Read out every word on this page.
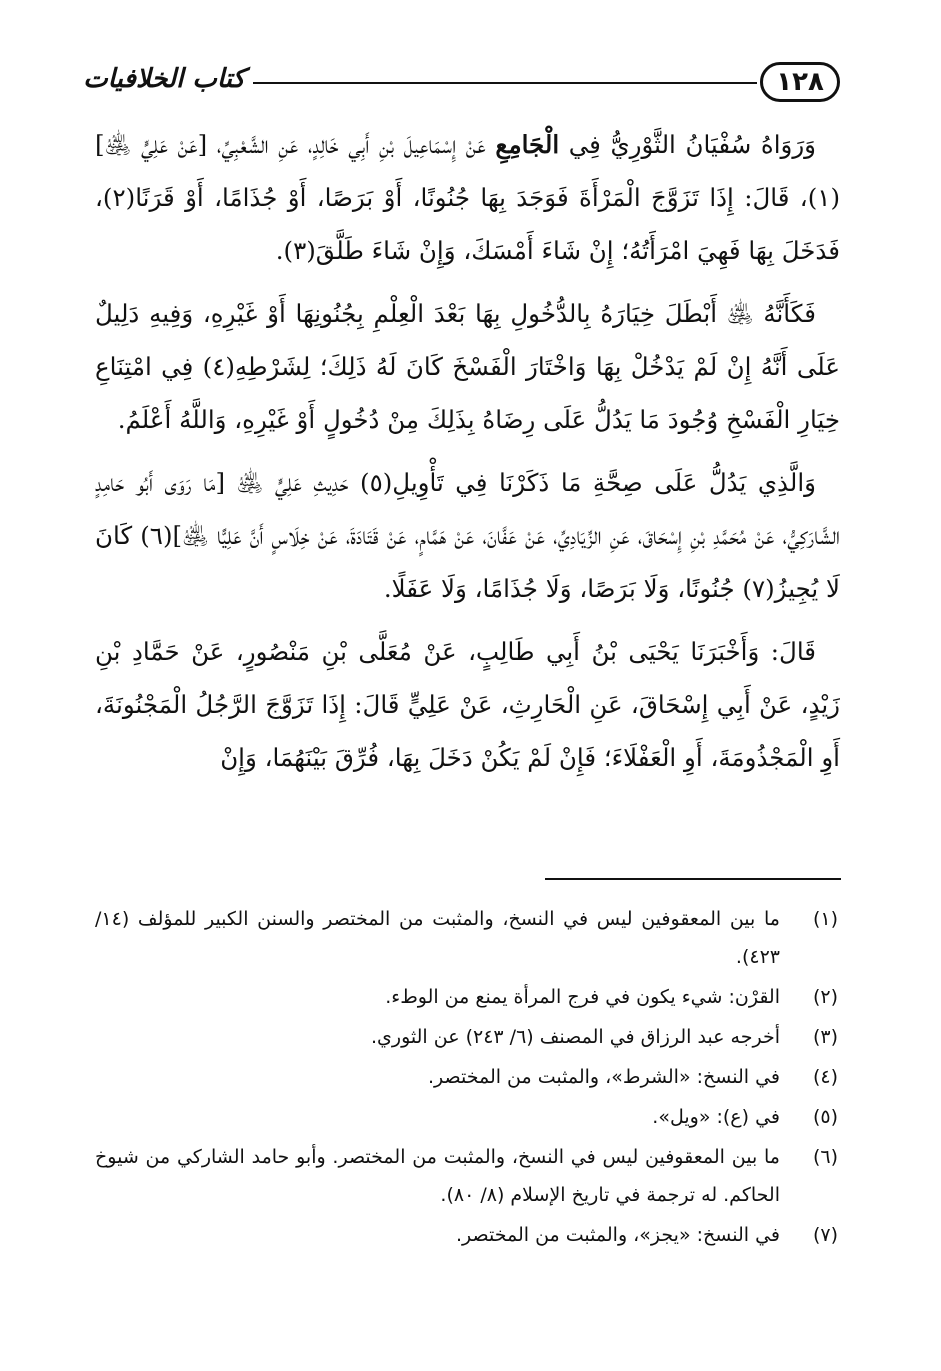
١٢٨
كتاب الخلافيات

وَرَوَاهُ سُفْيَانُ الثَّوْرِيُّ فِي الْجَامِعِ عَنْ إِسْمَاعِيلَ بْنِ أَبِي خَالِدٍ، عَنِ الشَّعْبِيِّ، [عَنْ عَلِيٍّ ﵁](١)، قَالَ: إِذَا تَزَوَّجَ الْمَرْأَةَ فَوَجَدَ بِهَا جُنُونًا، أَوْ بَرَصًا، أَوْ جُذَامًا، أَوْ قَرَنًا(٢)، فَدَخَلَ بِهَا فَهِيَ امْرَأَتُهُ؛ إِنْ شَاءَ أَمْسَكَ، وَإِنْ شَاءَ طَلَّقَ(٣).

فَكَأَنَّهُ ﵁ أَبْطَلَ خِيَارَهُ بِالدُّخُولِ بِهَا بَعْدَ الْعِلْمِ بِجُنُونِهَا أَوْ غَيْرِهِ، وَفِيهِ دَلِيلٌ عَلَى أَنَّهُ إِنْ لَمْ يَدْخُلْ بِهَا وَاخْتَارَ الْفَسْخَ كَانَ لَهُ ذَلِكَ؛ لِشَرْطِهِ(٤) فِي امْتِنَاعِ خِيَارِ الْفَسْخِ وُجُودَ مَا يَدُلُّ عَلَى رِضَاهُ بِذَلِكَ مِنْ دُخُولٍ أَوْ غَيْرِهِ، وَاللَّهُ أَعْلَمُ.

وَالَّذِي يَدُلُّ عَلَى صِحَّةِ مَا ذَكَرْنَا فِي تَأْوِيلِ(٥) حَدِيثِ عَلِيٍّ ﵁ [مَا رَوَى أَبُو حَامِدٍ الشَّارَكِيُّ، عَنْ مُحَمَّدِ بْنِ إِسْحَاقَ، عَنِ الزِّيَادِيِّ، عَنْ عَفَّانَ، عَنْ هَمَّامٍ، عَنْ قَتَادَةَ، عَنْ خِلَاسٍ أَنَّ عَلِيًّا ﵁](٦) كَانَ لَا يُجِيزُ(٧) جُنُونًا، وَلَا بَرَصًا، وَلَا جُذَامًا، وَلَا عَفَلًا.

قَالَ: وَأَخْبَرَنَا يَحْيَى بْنُ أَبِي طَالِبٍ، عَنْ مُعَلَّى بْنِ مَنْصُورٍ، عَنْ حَمَّادِ بْنِ زَيْدٍ، عَنْ أَبِي إِسْحَاقَ، عَنِ الْحَارِثِ، عَنْ عَلِيٍّ قَالَ: إِذَا تَزَوَّجَ الرَّجُلُ الْمَجْنُونَةَ، أَوِ الْمَجْذُومَةَ، أَوِ الْعَفْلَاءَ؛ فَإِنْ لَمْ يَكُنْ دَخَلَ بِهَا، فُرِّقَ بَيْنَهُمَا، وَإِنْ

(١)
ما بين المعقوفين ليس في النسخ، والمثبت من المختصر والسنن الكبير للمؤلف (١٤/ ٤٢٣).
(٢)
القرْن: شيء يكون في فرج المرأة يمنع من الوطء.
(٣)
أخرجه عبد الرزاق في المصنف (٦/ ٢٤٣) عن الثوري.
(٤)
في النسخ: «الشرط»، والمثبت من المختصر.
(٥)
في (ع): «ويل».
(٦)
ما بين المعقوفين ليس في النسخ، والمثبت من المختصر. وأبو حامد الشاركي من شيوخ الحاكم. له ترجمة في تاريخ الإسلام (٨/ ٨٠).
(٧)
في النسخ: «يجز»، والمثبت من المختصر.
